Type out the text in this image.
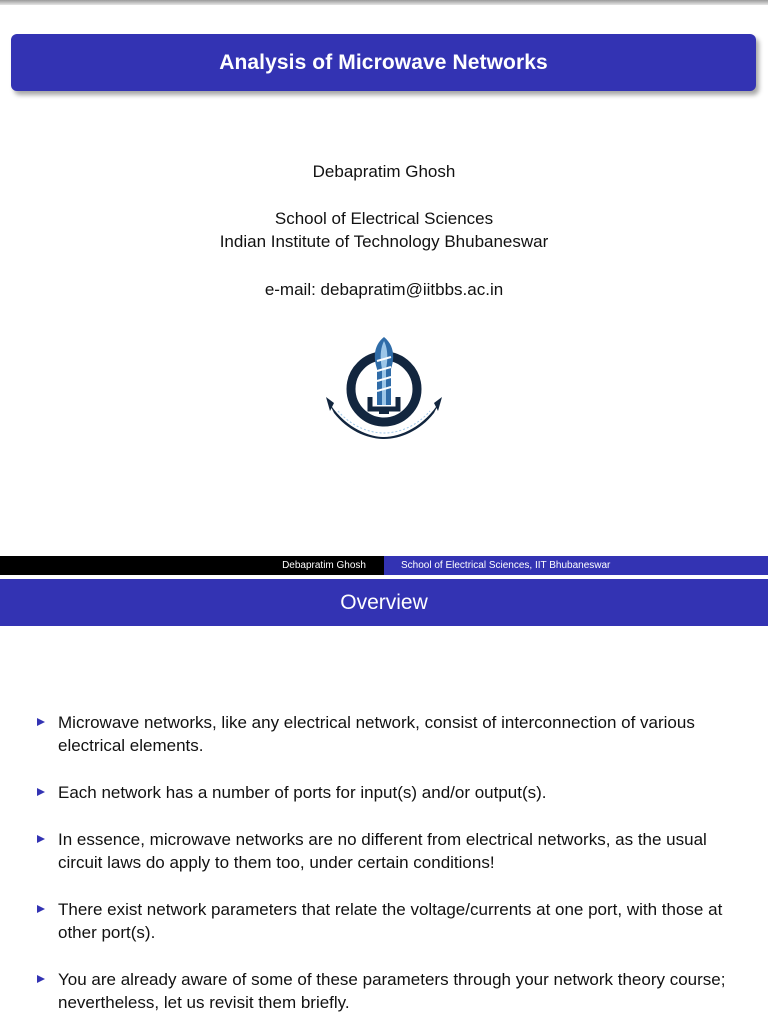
Analysis of Microwave Networks
Debapratim Ghosh
School of Electrical Sciences
Indian Institute of Technology Bhubaneswar
e-mail: debapratim@iitbbs.ac.in
Debapratim Ghosh	School of Electrical Sciences, IIT Bhubaneswar
Overview
Microwave networks, like any electrical network, consist of interconnection of various electrical elements.
Each network has a number of ports for input(s) and/or output(s).
In essence, microwave networks are no different from electrical networks, as the usual circuit laws do apply to them too, under certain conditions!
There exist network parameters that relate the voltage/currents at one port, with those at other port(s).
You are already aware of some of these parameters through your network theory course; nevertheless, let us revisit them briefly.
